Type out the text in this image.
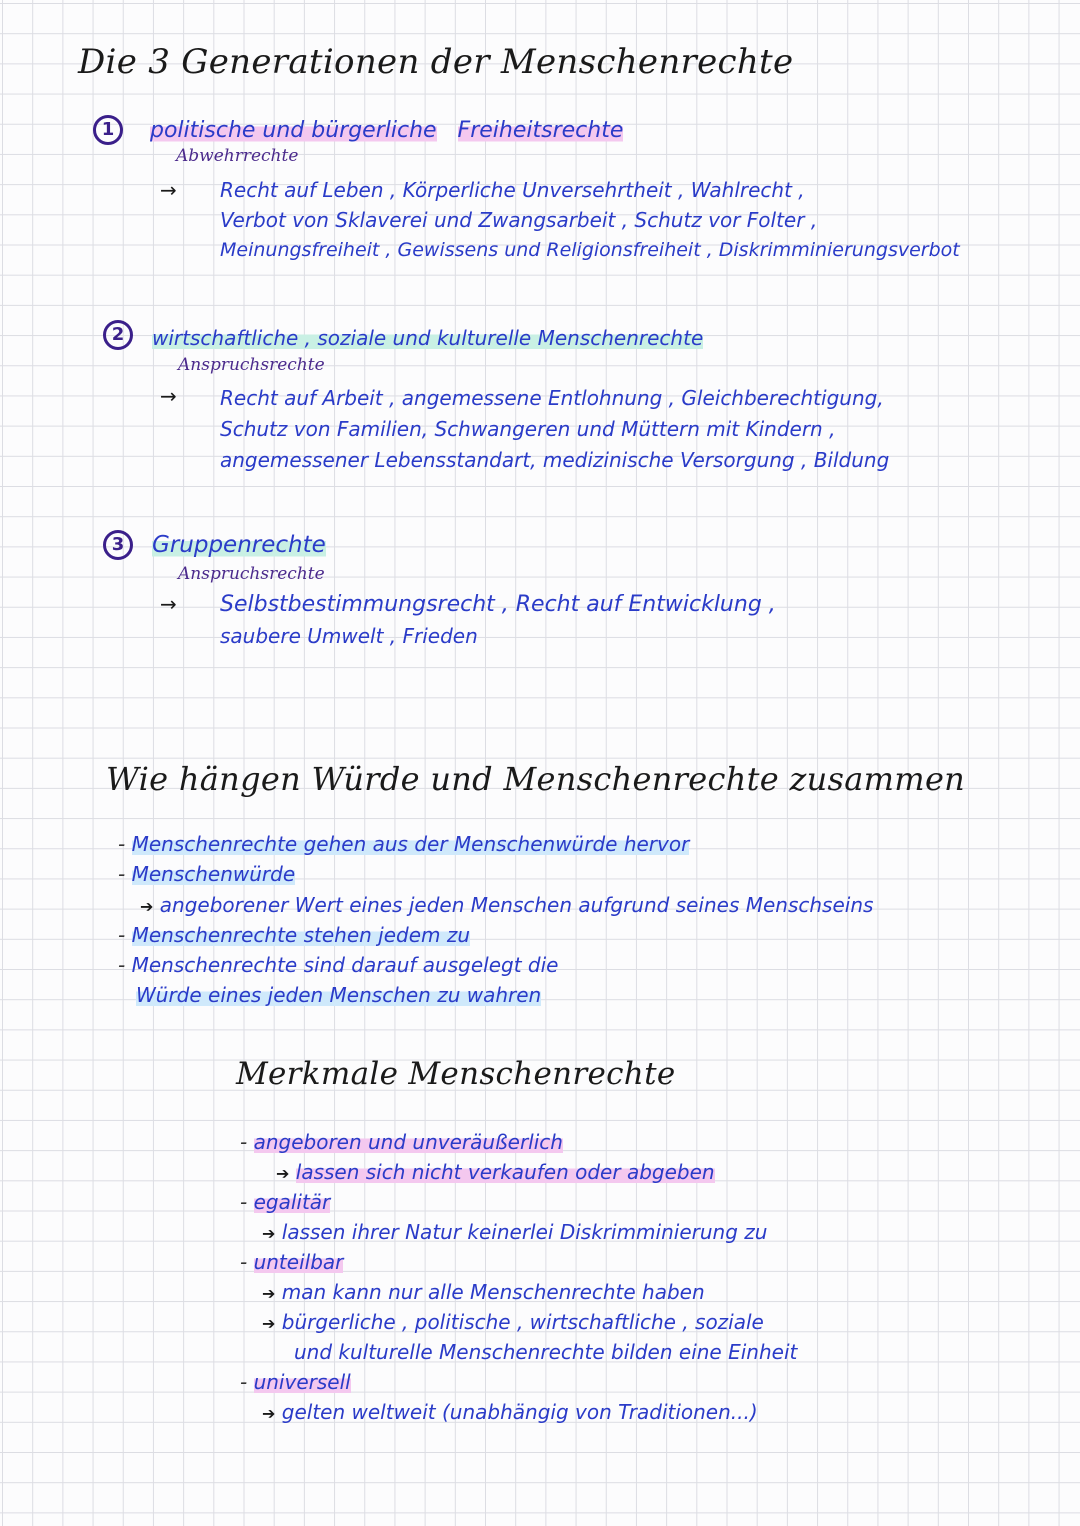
Die 3 Generationen der Menschenrechte
1	politische und bürgerliche Freiheitsrechte
Abwehrrechte
→ Recht auf Leben , Körperliche Unversehrtheit , Wahlrecht ,
Verbot von Sklaverei und Zwangsarbeit , Schutz vor Folter ,
Meinungsfreiheit , Gewissens und Religionsfreiheit , Diskrimminierungsverbot
2	wirtschaftliche , soziale und kulturelle Menschenrechte
Anspruchsrechte
→ Recht auf Arbeit , angemessene Entlohnung , Gleichberechtigung,
Schutz von Familien, Schwangeren und Müttern mit Kindern ,
angemessener Lebensstandart, medizinische Versorgung , Bildung
3	Gruppenrechte
Anspruchsrechte
→ Selbstbestimmungsrecht , Recht auf Entwicklung ,
saubere Umwelt , Frieden
Wie hängen Würde und Menschenrechte zusammen
- Menschenrechte gehen aus der Menschenwürde hervor
- Menschenwürde
➔ angeborener Wert eines jeden Menschen aufgrund seines Menschseins
- Menschenrechte stehen jedem zu
- Menschenrechte sind darauf ausgelegt die
Würde eines jeden Menschen zu wahren
Merkmale Menschenrechte
- angeboren und unveräußerlich
➔ lassen sich nicht verkaufen oder abgeben
- egalitär
➔ lassen ihrer Natur keinerlei Diskrimminierung zu
- unteilbar
➔ man kann nur alle Menschenrechte haben
➔ bürgerliche , politische , wirtschaftliche , soziale
und kulturelle Menschenrechte bilden eine Einheit
- universell
➔ gelten weltweit (unabhängig von Traditionen...)
